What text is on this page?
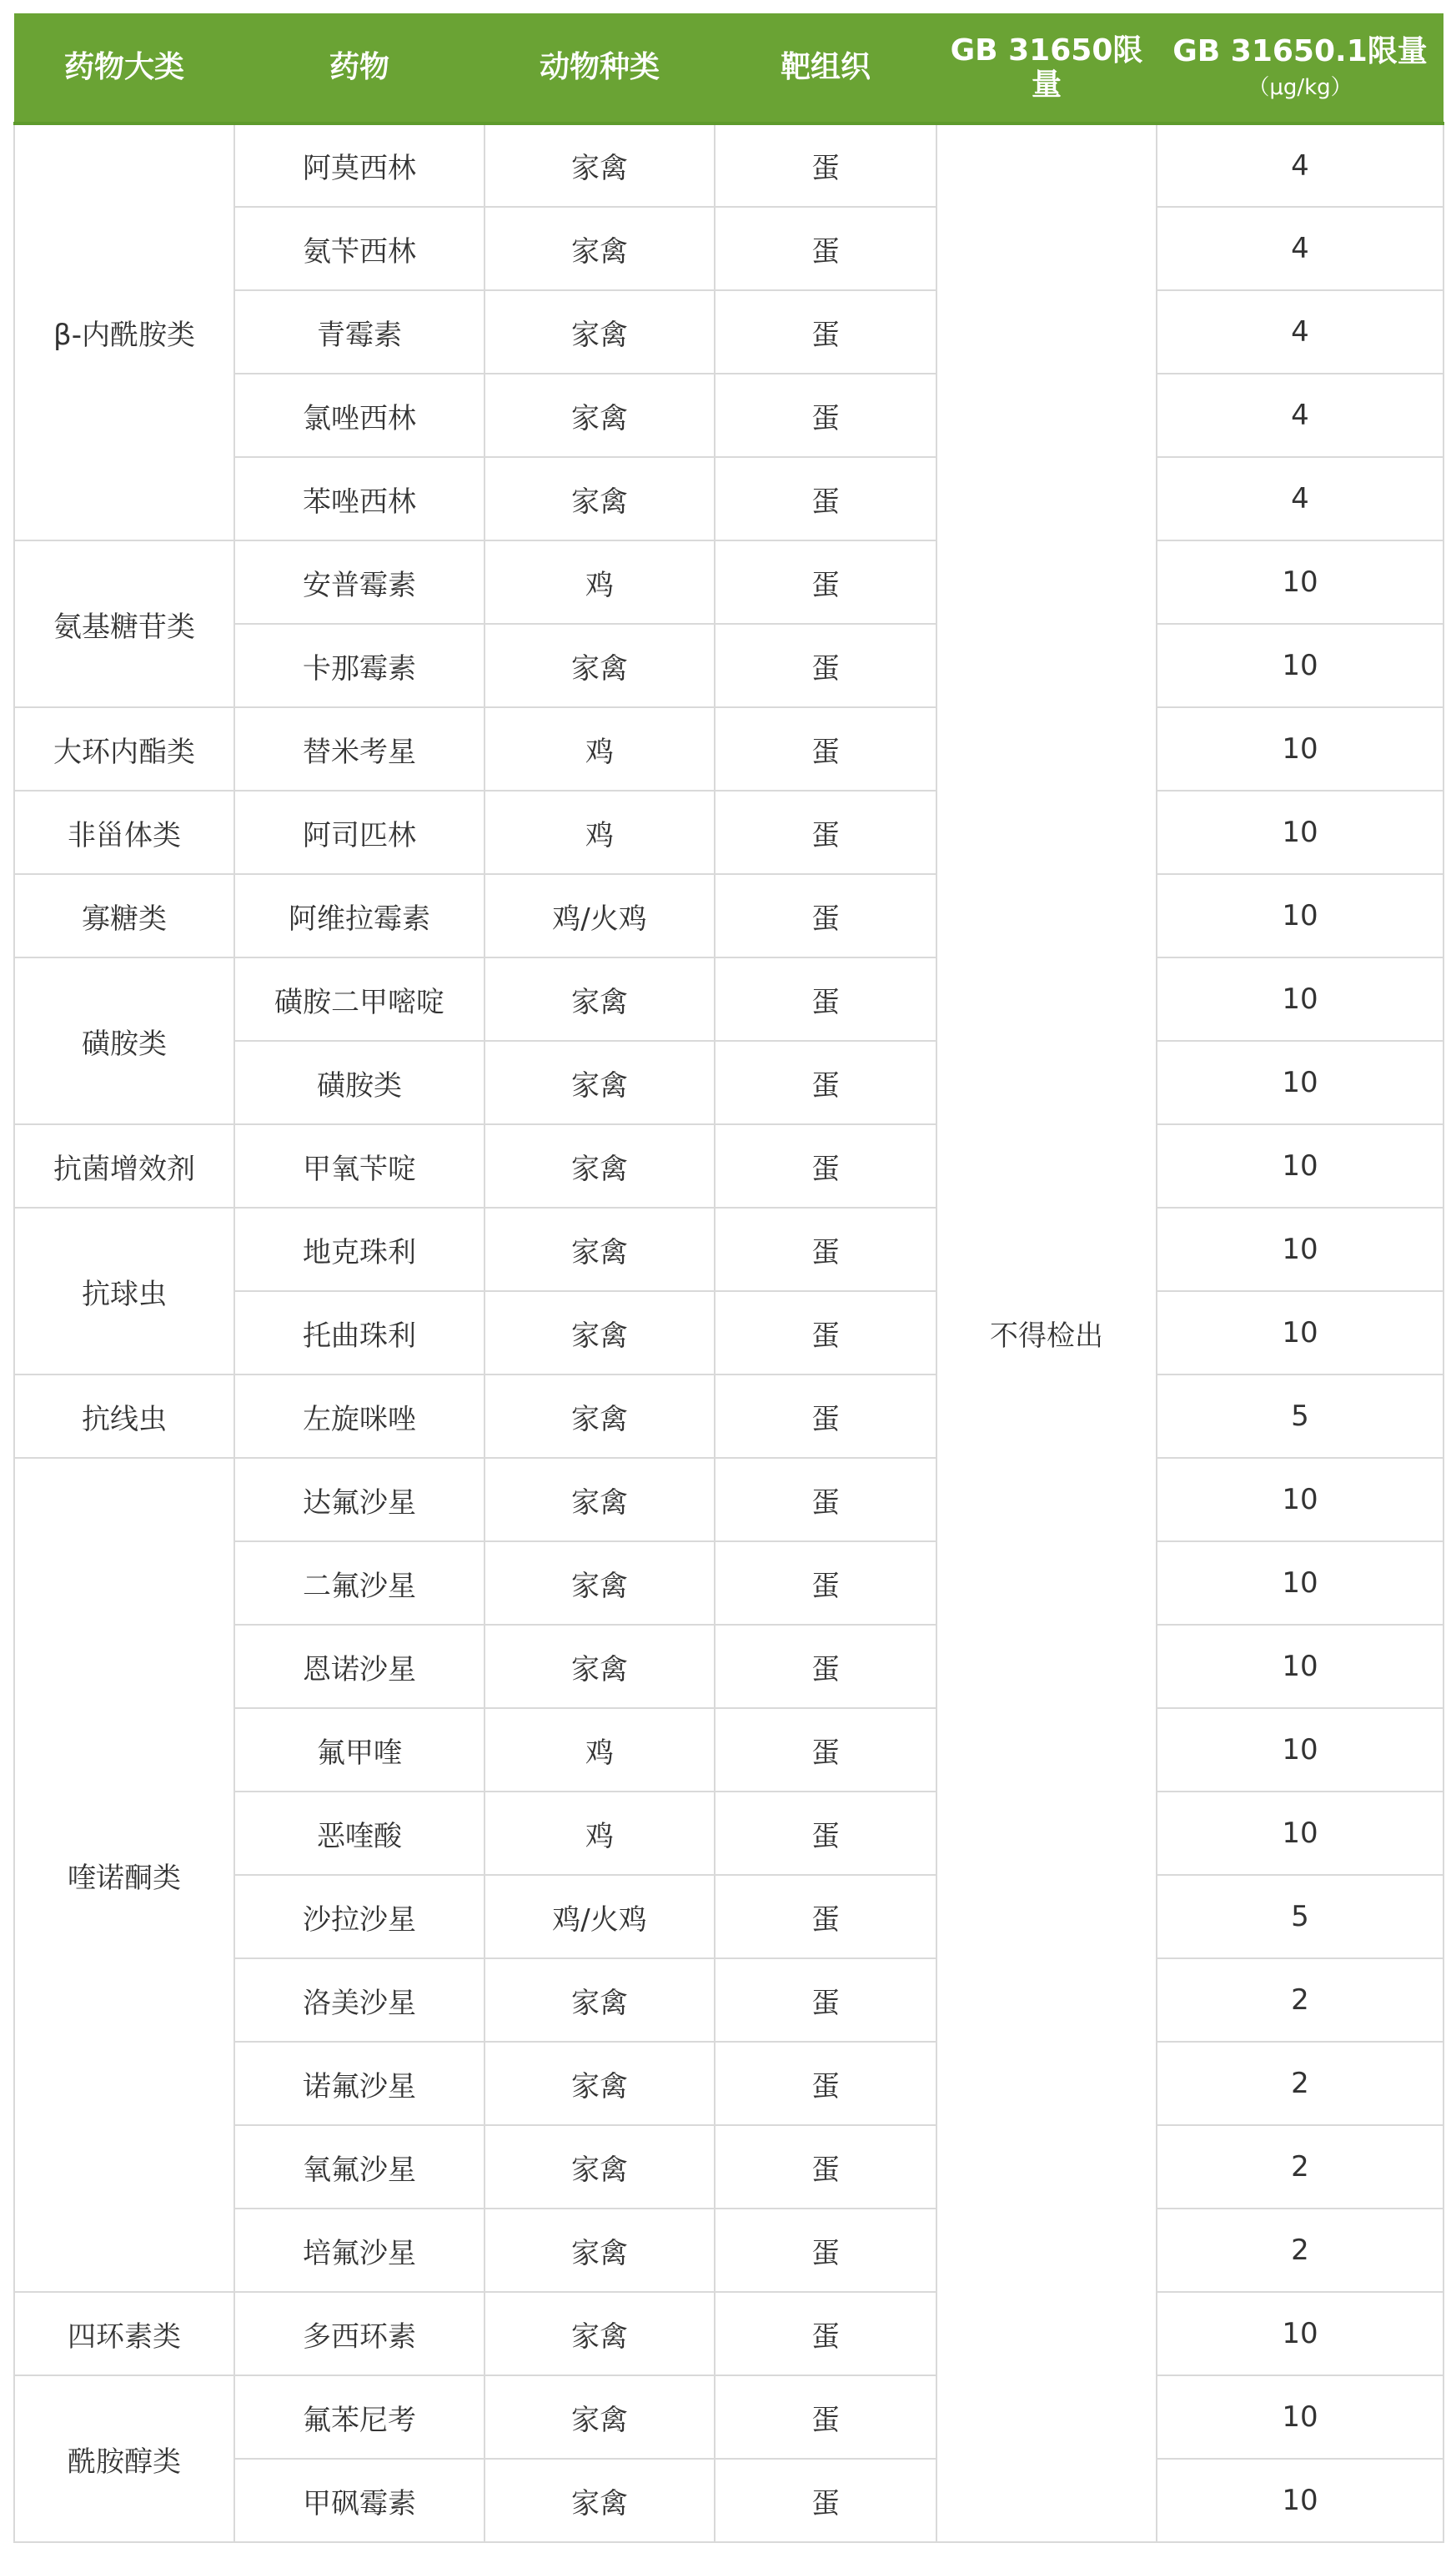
药物大类	药物	动物种类	靶组织	GB 31650限量	GB 31650.1限量
（μg/kg）

β-内酰胺类	阿莫西林	家禽	蛋	不得检出	4
	氨苄西林	家禽	蛋		4
	青霉素	家禽	蛋		4
	氯唑西林	家禽	蛋		4
	苯唑西林	家禽	蛋		4
氨基糖苷类	安普霉素	鸡	蛋		10
	卡那霉素	家禽	蛋		10
大环内酯类	替米考星	鸡	蛋		10
非甾体类	阿司匹林	鸡	蛋		10
寡糖类	阿维拉霉素	鸡/火鸡	蛋		10
磺胺类	磺胺二甲嘧啶	家禽	蛋		10
	磺胺类	家禽	蛋		10
抗菌增效剂	甲氧苄啶	家禽	蛋		10
抗球虫	地克珠利	家禽	蛋		10
	托曲珠利	家禽	蛋		10
抗线虫	左旋咪唑	家禽	蛋		5
喹诺酮类	达氟沙星	家禽	蛋		10
	二氟沙星	家禽	蛋		10
	恩诺沙星	家禽	蛋		10
	氟甲喹	鸡	蛋		10
	恶喹酸	鸡	蛋		10
	沙拉沙星	鸡/火鸡	蛋		5
	洛美沙星	家禽	蛋		2
	诺氟沙星	家禽	蛋		2
	氧氟沙星	家禽	蛋		2
	培氟沙星	家禽	蛋		2
四环素类	多西环素	家禽	蛋		10
酰胺醇类	氟苯尼考	家禽	蛋		10
	甲砜霉素	家禽	蛋		10
